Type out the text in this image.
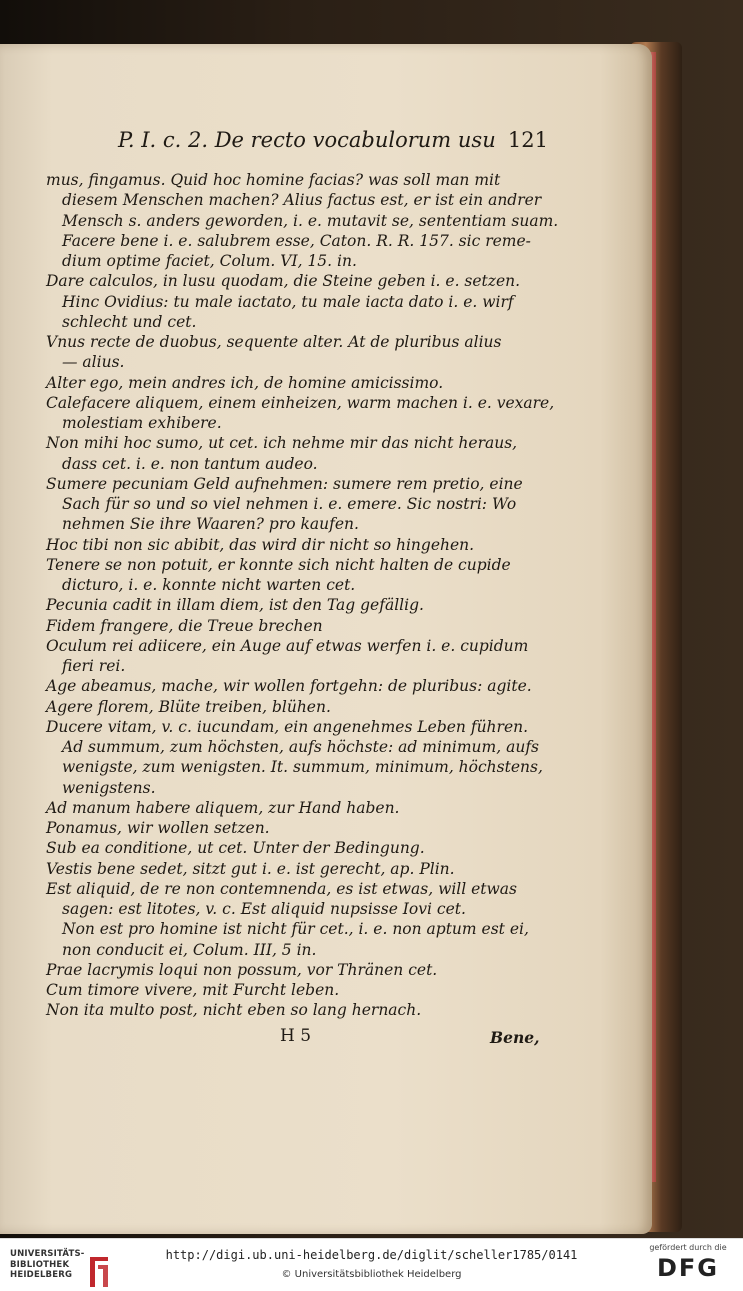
P. I. c. 2. De recto vocabulorum usu 121
H 5	Bene,
mus, fingamus. Quid hoc homine facias? was soll man mit
diesem Menschen machen? Alius factus est, er ist ein andrer
Mensch s. anders geworden, i. e. mutavit se, sententiam suam.
Facere bene i. e. salubrem esse, Caton. R. R. 157. sic reme-
dium optime faciet, Colum. VI, 15. in.
Dare calculos, in lusu quodam, die Steine geben i. e. setzen.
Hinc Ovidius: tu male iactato, tu male iacta dato i. e. wirf
schlecht und cet.
Vnus recte de duobus, sequente alter. At de pluribus alius
— alius.
Alter ego, mein andres ich, de homine amicissimo.
Calefacere aliquem, einem einheizen, warm machen i. e. vexare,
molestiam exhibere.
Non mihi hoc sumo, ut cet. ich nehme mir das nicht heraus,
dass cet. i. e. non tantum audeo.
Sumere pecuniam Geld aufnehmen: sumere rem pretio, eine
Sach für so und so viel nehmen i. e. emere. Sic nostri: Wo
nehmen Sie ihre Waaren? pro kaufen.
Hoc tibi non sic abibit, das wird dir nicht so hingehen.
Tenere se non potuit, er konnte sich nicht halten de cupide
dicturo, i. e. konnte nicht warten cet.
Pecunia cadit in illam diem, ist den Tag gefällig.
Fidem frangere, die Treue brechen
Oculum rei adiicere, ein Auge auf etwas werfen i. e. cupidum
fieri rei.
Age abeamus, mache, wir wollen fortgehn: de pluribus: agite.
Agere florem, Blüte treiben, blühen.
Ducere vitam, v. c. iucundam, ein angenehmes Leben führen.
Ad summum, zum höchsten, aufs höchste: ad minimum, aufs
wenigste, zum wenigsten. It. summum, minimum, höchstens,
wenigstens.
Ad manum habere aliquem, zur Hand haben.
Ponamus, wir wollen setzen.
Sub ea conditione, ut cet. Unter der Bedingung.
Vestis bene sedet, sitzt gut i. e. ist gerecht, ap. Plin.
Est aliquid, de re non contemnenda, es ist etwas, will etwas
sagen: est litotes, v. c. Est aliquid nupsisse Iovi cet.
Non est pro homine ist nicht für cet., i. e. non aptum est ei,
non conducit ei, Colum. III, 5 in.
Prae lacrymis loqui non possum, vor Thränen cet.
Cum timore vivere, mit Furcht leben.
Non ita multo post, nicht eben so lang hernach.
UNIVERSITÄTS-
BIBLIOTHEK
HEIDELBERG
http://digi.ub.uni-heidelberg.de/diglit/scheller1785/0141
© Universitätsbibliothek Heidelberg
gefördert durch die
DFG
